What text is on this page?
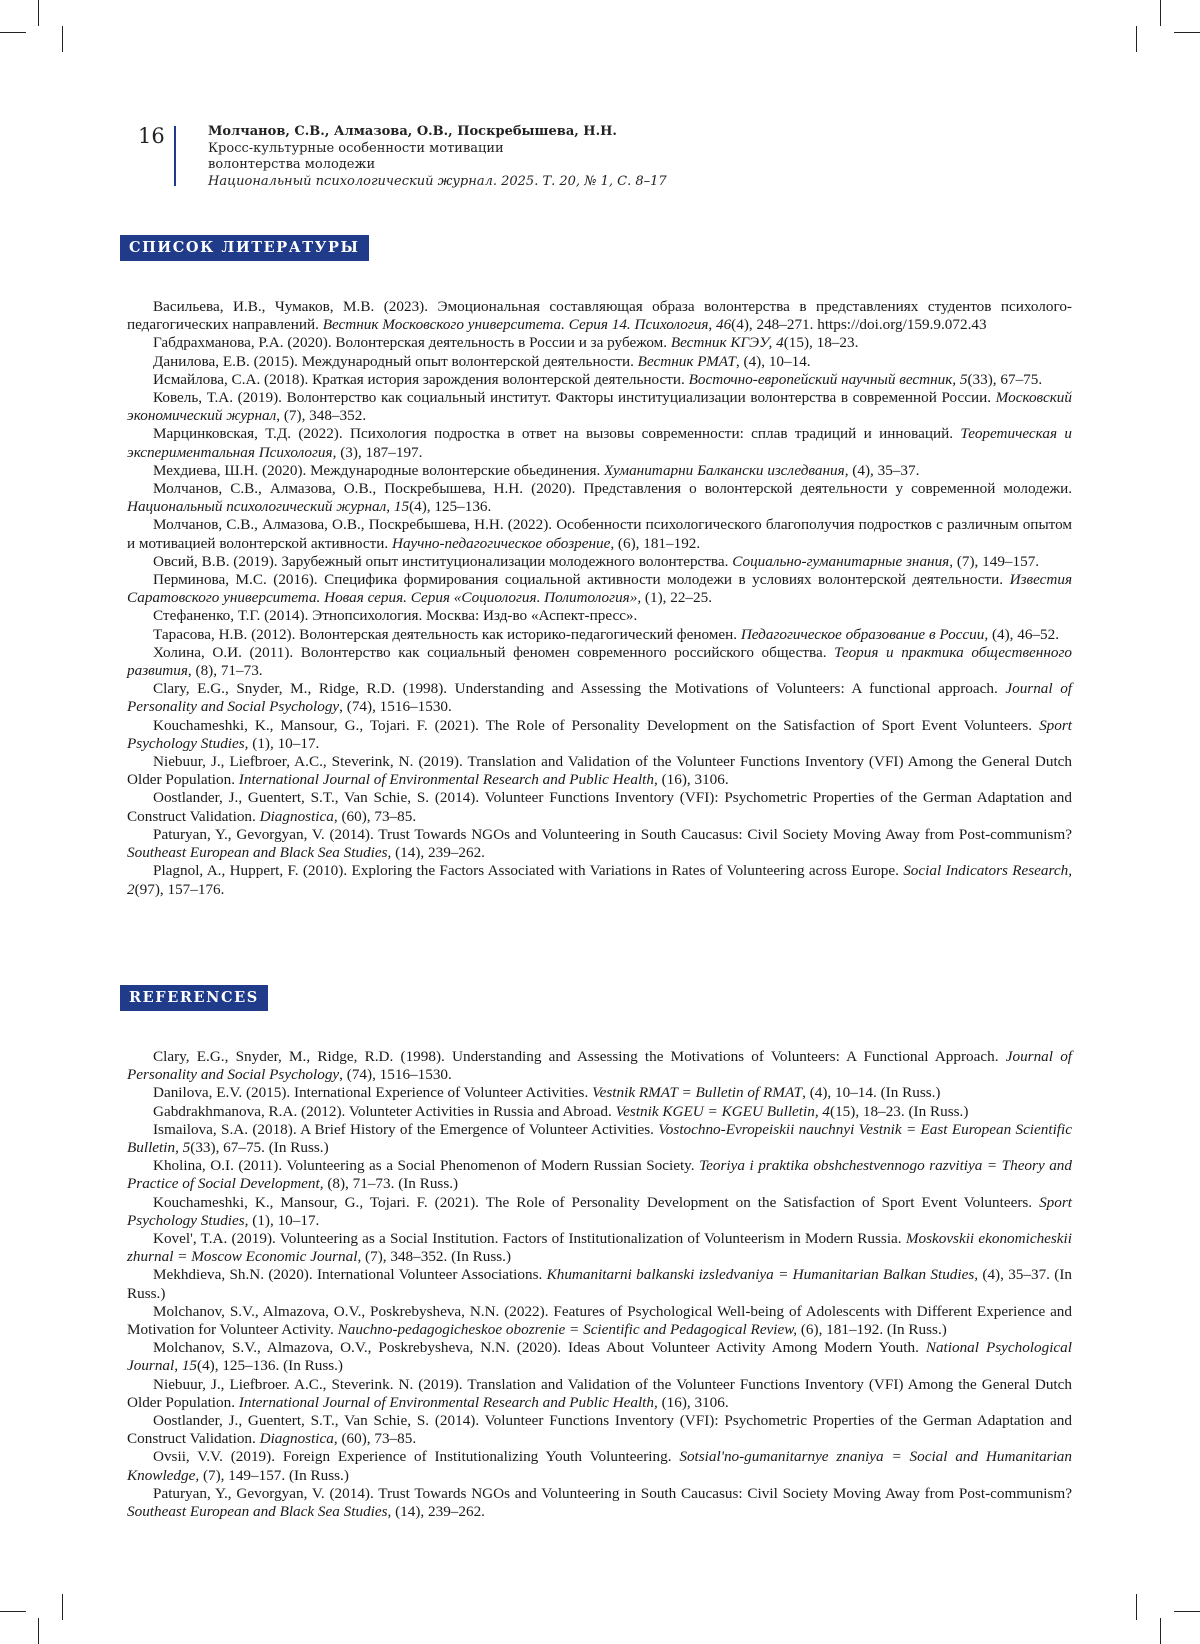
16	Молчанов, С.В., Алмазова, О.В., Поскребышева, Н.Н.
Кросс-культурные особенности мотивации
волонтерства молодежи
Национальный психологический журнал. 2025. Т. 20, № 1, С. 8–17
СПИСОК ЛИТЕРАТУРЫ

Васильева, И.В., Чумаков, М.В. (2023). Эмоциональная составляющая образа волонтерства в представлениях студентов психолого-педагогических направлений. Вестник Московского университета. Серия 14. Психология, 46(4), 248–271. https://doi.org/159.9.072.43

Габдрахманова, Р.А. (2020). Волонтерская деятельность в России и за рубежом. Вестник КГЭУ, 4(15), 18–23.

Данилова, Е.В. (2015). Международный опыт волонтерской деятельности. Вестник РМАТ, (4), 10–14.

Исмайлова, С.А. (2018). Краткая история зарождения волонтерской деятельности. Восточно-европейский научный вестник, 5(33), 67–75.

Ковель, Т.А. (2019). Волонтерство как социальный институт. Факторы институциализации волонтерства в современной России. Московский экономический журнал, (7), 348–352.

Марцинковская, Т.Д. (2022). Психология подростка в ответ на вызовы современности: сплав традиций и инноваций. Теоретическая и экспериментальная Психология, (3), 187–197.

Мехдиева, Ш.Н. (2020). Международные волонтерские обьединения. Хуманитарни Балкански изследвания, (4), 35–37.

Молчанов, С.В., Алмазова, О.В., Поскребышева, Н.Н. (2020). Представления о волонтерской деятельности у современной молодежи. Национальный психологический журнал, 15(4), 125–136.

Молчанов, С.В., Алмазова, О.В., Поскребышева, Н.Н. (2022). Особенности психологического благополучия подростков с различным опытом и мотивацией волонтерской активности. Научно-педагогическое обозрение, (6), 181–192.

Овсий, В.В. (2019). Зарубежный опыт институционализации молодежного волонтерства. Социально-гуманитарные знания, (7), 149–157.

Перминова, М.С. (2016). Специфика формирования социальной активности молодежи в условиях волонтерской деятельности. Известия Саратовского университета. Новая серия. Серия «Социология. Политология», (1), 22–25.

Стефаненко, Т.Г. (2014). Этнопсихология. Москва: Изд-во «Аспект-пресс».

Тарасова, Н.В. (2012). Волонтерская деятельность как историко-педагогический феномен. Педагогическое образование в России, (4), 46–52.

Холина, О.И. (2011). Волонтерство как социальный феномен современного российского общества. Теория и практика общественного развития, (8), 71–73.

Clary, E.G., Snyder, M., Ridge, R.D. (1998). Understanding and Assessing the Motivations of Volunteers: A functional approach. Journal of Personality and Social Psychology, (74), 1516–1530.

Kouchameshki, K., Mansour, G., Tojari. F. (2021). The Role of Personality Development on the Satisfaction of Sport Event Volunteers. Sport Psychology Studies, (1), 10–17.

Niebuur, J., Liefbroer, A.C., Steverink, N. (2019). Translation and Validation of the Volunteer Functions Inventory (VFI) Among the General Dutch Older Population. International Journal of Environmental Research and Public Health, (16), 3106.

Oostlander, J., Guentert, S.T., Van Schie, S. (2014). Volunteer Functions Inventory (VFI): Psychometric Properties of the German Adaptation and Construct Validation. Diagnostica, (60), 73–85.

Paturyan, Y., Gevorgyan, V. (2014). Trust Towards NGOs and Volunteering in South Caucasus: Civil Society Moving Away from Post-communism? Southeast European and Black Sea Studies, (14), 239–262.

Plagnol, A., Huppert, F. (2010). Exploring the Factors Associated with Variations in Rates of Volunteering across Europe. Social Indicators Research, 2(97), 157–176.

REFERENCES

Clary, E.G., Snyder, M., Ridge, R.D. (1998). Understanding and Assessing the Motivations of Volunteers: A Functional Approach. Journal of Personality and Social Psychology, (74), 1516–1530.

Danilova, E.V. (2015). International Experience of Volunteer Activities. Vestnik RMAT = Bulletin of RMAT, (4), 10–14. (In Russ.)

Gabdrakhmanova, R.A. (2012). Volunteter Activities in Russia and Abroad. Vestnik KGEU = KGEU Bulletin, 4(15), 18–23. (In Russ.)

Ismailova, S.A. (2018). A Brief History of the Emergence of Volunteer Activities. Vostochno-Evropeiskii nauchnyi Vestnik = East European Scientific Bulletin, 5(33), 67–75. (In Russ.)

Kholina, O.I. (2011). Volunteering as a Social Phenomenon of Modern Russian Society. Teoriya i praktika obshchestvennogo razvitiya = Theory and Practice of Social Development, (8), 71–73. (In Russ.)

Kouchameshki, K., Mansour, G., Tojari. F. (2021). The Role of Personality Development on the Satisfaction of Sport Event Volunteers. Sport Psychology Studies, (1), 10–17.

Kovel', T.A. (2019). Volunteering as a Social Institution. Factors of Institutionalization of Volunteerism in Modern Russia. Moskovskii ekonomicheskii zhurnal = Moscow Economic Journal, (7), 348–352. (In Russ.)

Mekhdieva, Sh.N. (2020). International Volunteer Associations. Khumanitarni balkanski izsledvaniya = Humanitarian Balkan Studies, (4), 35–37. (In Russ.)

Molchanov, S.V., Almazova, O.V., Poskrebysheva, N.N. (2022). Features of Psychological Well-being of Adolescents with Different Experience and Motivation for Volunteer Activity. Nauchno-pedagogicheskoe obozrenie = Scientific and Pedagogical Review, (6), 181–192. (In Russ.)

Molchanov, S.V., Almazova, O.V., Poskrebysheva, N.N. (2020). Ideas About Volunteer Activity Among Modern Youth. National Psychological Journal, 15(4), 125–136. (In Russ.)

Niebuur, J., Liefbroer. A.C., Steverink. N. (2019). Translation and Validation of the Volunteer Functions Inventory (VFI) Among the General Dutch Older Population. International Journal of Environmental Research and Public Health, (16), 3106.

Oostlander, J., Guentert, S.T., Van Schie, S. (2014). Volunteer Functions Inventory (VFI): Psychometric Properties of the German Adaptation and Construct Validation. Diagnostica, (60), 73–85.

Ovsii, V.V. (2019). Foreign Experience of Institutionalizing Youth Volunteering. Sotsial'no-gumanitarnye znaniya = Social and Humanitarian Knowledge, (7), 149–157. (In Russ.)

Paturyan, Y., Gevorgyan, V. (2014). Trust Towards NGOs and Volunteering in South Caucasus: Civil Society Moving Away from Post-communism? Southeast European and Black Sea Studies, (14), 239–262.
